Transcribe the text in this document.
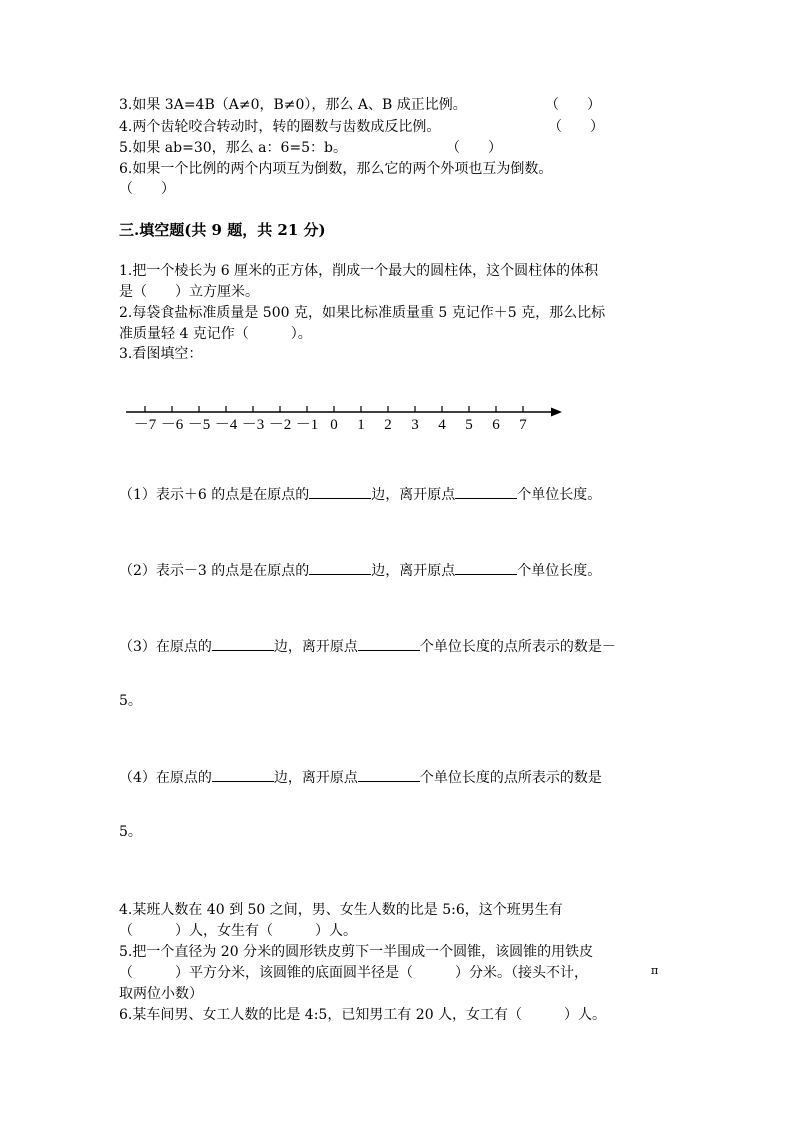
3.如果 3A=4B（A≠0，B≠0），那么 A、B 成正比例。	（　　）
4.两个齿轮咬合转动时，转的圈数与齿数成反比例。	（　　）
5.如果 ab=30，那么 a：6=5：b。	（　　）
6.如果一个比例的两个内项互为倒数，那么它的两个外项也互为倒数。
（　　）
三.填空题(共 9 题，共 21 分)
1.把一个棱长为 6 厘米的正方体，削成一个最大的圆柱体，这个圆柱体的体积
是（　　）立方厘米。
2.每袋食盐标准质量是 500 克，如果比标准质量重 5 克记作＋5 克，那么比标
准质量轻 4 克记作（　　　）。
3.看图填空：
－7 －6 －5 －4 －3 －2 －1 0 1 2 3 4 5 6 7
（1）表示＋6 的点是在原点的	边，离开原点	个单位长度。
（2）表示－3 的点是在原点的	边，离开原点	个单位长度。
（3）在原点的	边，离开原点	个单位长度的点所表示的数是－
5。
（4）在原点的	边，离开原点	个单位长度的点所表示的数是
5。
4.某班人数在 40 到 50 之间，男、女生人数的比是 5:6，这个班男生有
（　　　）人，女生有（　　　）人。
5.把一个直径为 20 分米的圆形铁皮剪下一半围成一个圆锥，该圆锥的用铁皮
（　　　）平方分米，该圆锥的底面圆半径是（　　　）分米。（接头不计，	π
取两位小数）
6.某车间男、女工人数的比是 4:5，已知男工有 20 人，女工有（　　　）人。
